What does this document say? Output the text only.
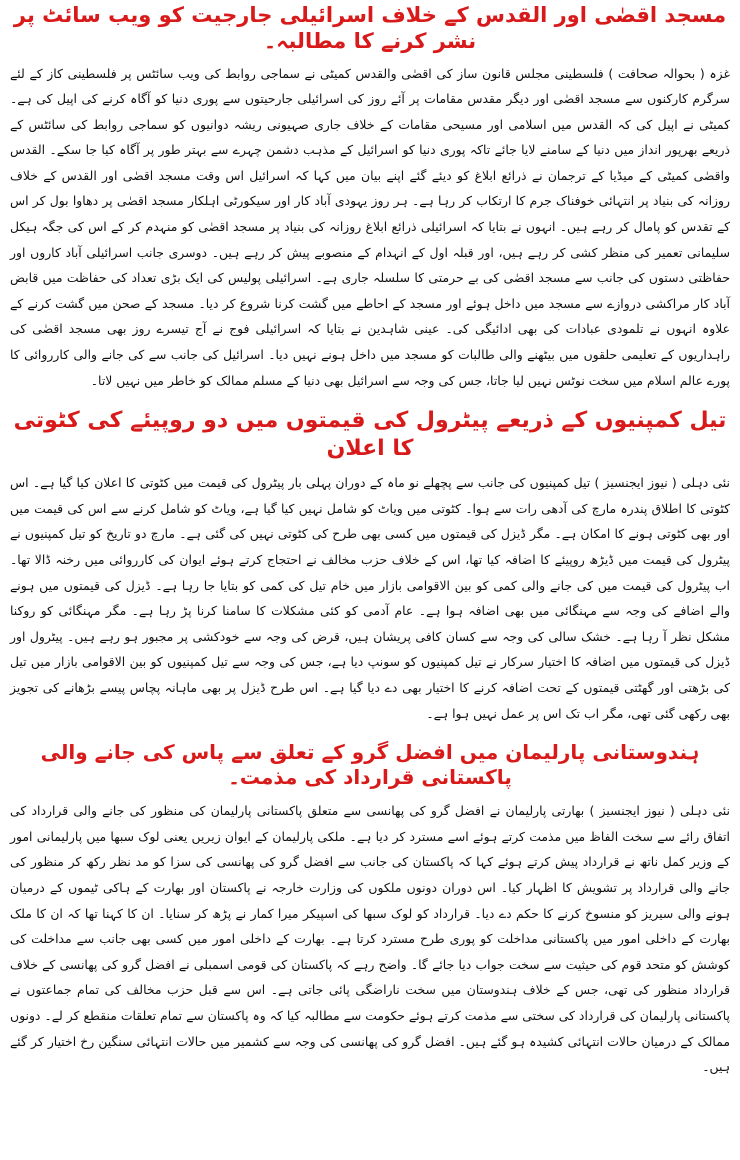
مسجد اقصٰی اور القدس کے خلاف اسرائیلی جارجیت کو ویب سائٹ پر نشر کرنے کا مطالبہ۔

غزہ ( بحوالہ صحافت ) فلسطینی مجلس قانون ساز کی اقصٰی والقدس کمیٹی نے سماجی روابط کی ویب سائٹس پر فلسطینی کاز کے لئے سرگرم کارکنوں سے مسجد اقصٰی اور دیگر مقدس مقامات پر آئے روز کی اسرائیلی جارحیتوں سے پوری دنیا کو آگاہ کرنے کی اپیل کی ہے۔ کمیٹی نے اپیل کی کہ القدس میں اسلامی اور مسیحی مقامات کے خلاف جاری صہیونی ریشہ دوانیوں کو سماجی روابط کی سائٹس کے ذریعے بھرپور انداز میں دنیا کے سامنے لایا جائے تاکہ پوری دنیا کو اسرائیل کے مذہب دشمن چہرے سے بہتر طور پر آگاہ کیا جا سکے۔ القدس واقصٰی کمیٹی کے میڈیا کے ترجمان نے ذرائع ابلاغ کو دیئے گئے اپنے بیان میں کہا کہ اسرائیل اس وقت مسجد اقصٰی اور القدس کے خلاف روزانہ کی بنیاد پر انتہائی خوفناک جرم کا ارتکاب کر رہا ہے۔ ہر روز یہودی آباد کار اور سیکورٹی اہلکار مسجد اقصٰی پر دھاوا بول کر اس کے تقدس کو پامال کر رہے ہیں۔ انہوں نے بتایا کہ اسرائیلی ذرائع ابلاغ روزانہ کی بنیاد پر مسجد اقصٰی کو منہدم کر کے اس کی جگہ ہیکل سلیمانی تعمیر کی منظر کشی کر رہے ہیں، اور قبلہ اول کے انہدام کے منصوبے پیش کر رہے ہیں۔ دوسری جانب اسرائیلی آباد کاروں اور حفاظتی دستوں کی جانب سے مسجد اقصٰی کی بے حرمتی کا سلسلہ جاری ہے۔ اسرائیلی پولیس کی ایک بڑی تعداد کی حفاظت میں قابض آباد کار مراکشی دروازے سے مسجد میں داخل ہوئے اور مسجد کے احاطے میں گشت کرنا شروع کر دیا۔ مسجد کے صحن میں گشت کرنے کے علاوہ انہوں نے تلمودی عبادات کی بھی ادائیگی کی۔ عینی شاہدین نے بتایا کہ اسرائیلی فوج نے آج تیسرے روز بھی مسجد اقصٰی کی راہداریوں کے تعلیمی حلقوں میں بیٹھنے والی طالبات کو مسجد میں داخل ہونے نہیں دیا۔ اسرائیل کی جانب سے کی جانے والی کارروائی کا پورے عالم اسلام میں سخت نوٹس نہیں لیا جاتا، جس کی وجہ سے اسرائیل بھی دنیا کے مسلم ممالک کو خاطر میں نہیں لاتا۔

تیل کمپنیوں کے ذریعے پیٹرول کی قیمتوں میں دو روپیئے کی کٹوتی کا اعلان

نئی دہلی ( نیوز ایجنسیز ) تیل کمپنیوں کی جانب سے پچھلے نو ماہ کے دوران پہلی بار پیٹرول کی قیمت میں کٹوتی کا اعلان کیا گیا ہے۔ اس کٹوتی کا اطلاق پندرہ مارچ کی آدھی رات سے ہوا۔ کٹوتی میں ویاٹ کو شامل نہیں کیا گیا ہے، ویاٹ کو شامل کرنے سے اس کی قیمت میں اور بھی کٹوتی ہونے کا امکان ہے۔ مگر ڈیزل کی قیمتوں میں کسی بھی طرح کی کٹوتی نہیں کی گئی ہے۔ مارچ دو تاریخ کو تیل کمپنیوں نے پیٹرول کی قیمت میں ڈیڑھ روپیئے کا اضافہ کیا تھا، اس کے خلاف حزب مخالف نے احتجاج کرتے ہوئے ایوان کی کارروائی میں رخنہ ڈالا تھا۔ اب پیٹرول کی قیمت میں کی جانے والی کمی کو بین الاقوامی بازار میں خام تیل کی کمی کو بتایا جا رہا ہے۔ ڈیزل کی قیمتوں میں ہونے والے اضافے کی وجہ سے مہنگائی میں بھی اضافہ ہوا ہے۔ عام آدمی کو کئی مشکلات کا سامنا کرنا پڑ رہا ہے۔ مگر مہنگائی کو روکنا مشکل نظر آ رہا ہے۔ خشک سالی کی وجہ سے کسان کافی پریشان ہیں، قرض کی وجہ سے خودکشی پر مجبور ہو رہے ہیں۔ پیٹرول اور ڈیزل کی قیمتوں میں اضافہ کا اختیار سرکار نے تیل کمپنیوں کو سونپ دیا ہے، جس کی وجہ سے تیل کمپنیوں کو بین الاقوامی بازار میں تیل کی بڑھتی اور گھٹتی قیمتوں کے تحت اضافہ کرنے کا اختیار بھی دے دیا گیا ہے۔ اس طرح ڈیزل پر بھی ماہانہ پچاس پیسے بڑھانے کی تجویز بھی رکھی گئی تھی، مگر اب تک اس پر عمل نہیں ہوا ہے۔

ہندوستانی پارلیمان میں افضل گرو کے تعلق سے پاس کی جانے والی پاکستانی قرارداد کی مذمت۔

نئی دہلی ( نیوز ایجنسیز ) بھارتی پارلیمان نے افضل گرو کی پھانسی سے متعلق پاکستانی پارلیمان کی منظور کی جانے والی قرارداد کی اتفاق رائے سے سخت الفاظ میں مذمت کرتے ہوئے اسے مسترد کر دیا ہے۔ ملکی پارلیمان کے ایوان زیریں یعنی لوک سبھا میں پارلیمانی امور کے وزیر کمل ناتھ نے قرارداد پیش کرتے ہوئے کہا کہ پاکستان کی جانب سے افضل گرو کی پھانسی کی سزا کو مد نظر رکھ کر منظور کی جانے والی قرارداد پر تشویش کا اظہار کیا۔ اس دوران دونوں ملکوں کی وزارت خارجہ نے پاکستان اور بھارت کے ہاکی ٹیموں کے درمیان ہونے والی سیریز کو منسوخ کرنے کا حکم دے دیا۔ قرارداد کو لوک سبھا کی اسپیکر میرا کمار نے پڑھ کر سنایا۔ ان کا کہنا تھا کہ ان کا ملک بھارت کے داخلی امور میں پاکستانی مداخلت کو پوری طرح مسترد کرتا ہے۔ بھارت کے داخلی امور میں کسی بھی جانب سے مداخلت کی کوشش کو متحد قوم کی حیثیت سے سخت جواب دیا جائے گا۔ واضح رہے کہ پاکستان کی قومی اسمبلی نے افضل گرو کی پھانسی کے خلاف قرارداد منظور کی تھی، جس کے خلاف ہندوستان میں سخت ناراضگی پائی جاتی ہے۔ اس سے قبل حزب مخالف کی تمام جماعتوں نے پاکستانی پارلیمان کی قرارداد کی سختی سے مذمت کرتے ہوئے حکومت سے مطالبہ کیا کہ وہ پاکستان سے تمام تعلقات منقطع کر لے۔ دونوں ممالک کے درمیان حالات انتہائی کشیدہ ہو گئے ہیں۔ افضل گرو کی پھانسی کی وجہ سے کشمیر میں حالات انتہائی سنگین رخ اختیار کر گئے ہیں۔
